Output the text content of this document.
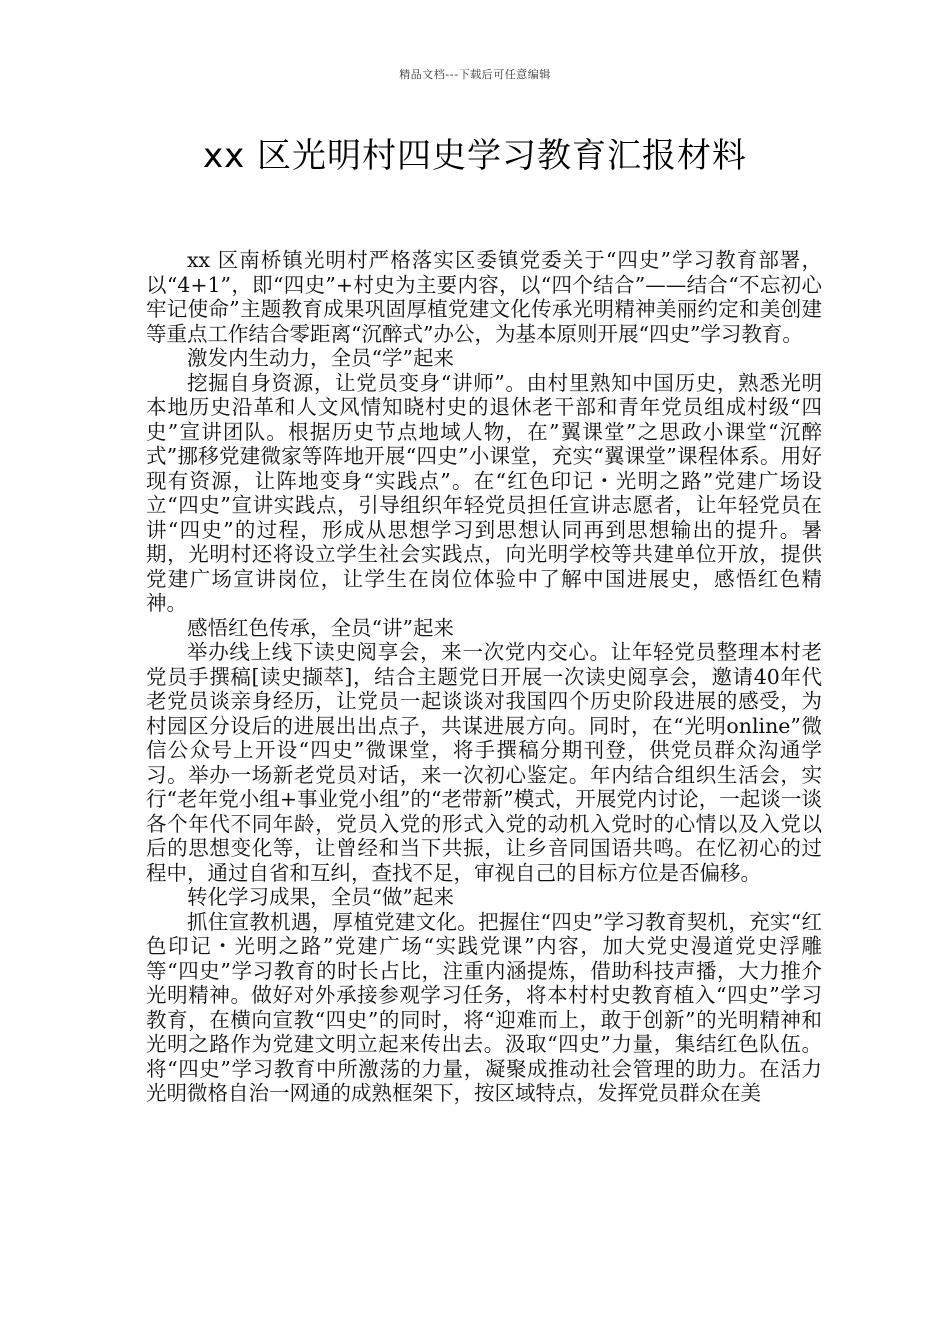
精品文档---下载后可任意编辑
xx 区光明村四史学习教育汇报材料

xx 区南桥镇光明村严格落实区委镇党委关于“四史”学习教育部署，以“4+1”，即“四史”+村史为主要内容，以“四个结合”——结合“不忘初心牢记使命”主题教育成果巩固厚植党建文化传承光明精神美丽约定和美创建等重点工作结合零距离“沉醉式”办公，为基本原则开展“四史”学习教育。

激发内生动力，全员“学”起来

挖掘自身资源，让党员变身“讲师”。由村里熟知中国历史，熟悉光明本地历史沿革和人文风情知晓村史的退休老干部和青年党员组成村级“四史”宣讲团队。根据历史节点地域人物，在”翼课堂”之思政小课堂“沉醉式”挪移党建微家等阵地开展“四史”小课堂，充实“翼课堂”课程体系。用好现有资源，让阵地变身“实践点”。在“红色印记・光明之路”党建广场设立“四史”宣讲实践点，引导组织年轻党员担任宣讲志愿者，让年轻党员在讲“四史”的过程，形成从思想学习到思想认同再到思想输出的提升。暑期，光明村还将设立学生社会实践点，向光明学校等共建单位开放，提供党建广场宣讲岗位，让学生在岗位体验中了解中国进展史，感悟红色精神。

感悟红色传承，全员“讲”起来

举办线上线下读史阅享会，来一次党内交心。让年轻党员整理本村老党员手撰稿[读史撷萃]，结合主题党日开展一次读史阅享会，邀请40年代老党员谈亲身经历，让党员一起谈谈对我国四个历史阶段进展的感受，为村园区分设后的进展出出点子，共谋进展方向。同时，在“光明online”微信公众号上开设“四史”微课堂，将手撰稿分期刊登，供党员群众沟通学习。举办一场新老党员对话，来一次初心鉴定。年内结合组织生活会，实行“老年党小组+事业党小组”的“老带新”模式，开展党内讨论，一起谈一谈各个年代不同年龄，党员入党的形式入党的动机入党时的心情以及入党以后的思想变化等，让曾经和当下共振，让乡音同国语共鸣。在忆初心的过程中，通过自省和互纠，查找不足，审视自己的目标方位是否偏移。

转化学习成果，全员“做”起来

抓住宣教机遇，厚植党建文化。把握住“四史”学习教育契机，充实“红色印记・光明之路”党建广场“实践党课”内容，加大党史漫道党史浮雕等“四史”学习教育的时长占比，注重内涵提炼，借助科技声播，大力推介光明精神。做好对外承接参观学习任务，将本村村史教育植入“四史”学习教育，在横向宣教“四史”的同时，将“迎难而上，敢于创新”的光明精神和光明之路作为党建文明立起来传出去。汲取“四史”力量，集结红色队伍。将“四史”学习教育中所激荡的力量，凝聚成推动社会管理的助力。在活力光明微格自治一网通的成熟框架下，按区域特点，发挥党员群众在美
